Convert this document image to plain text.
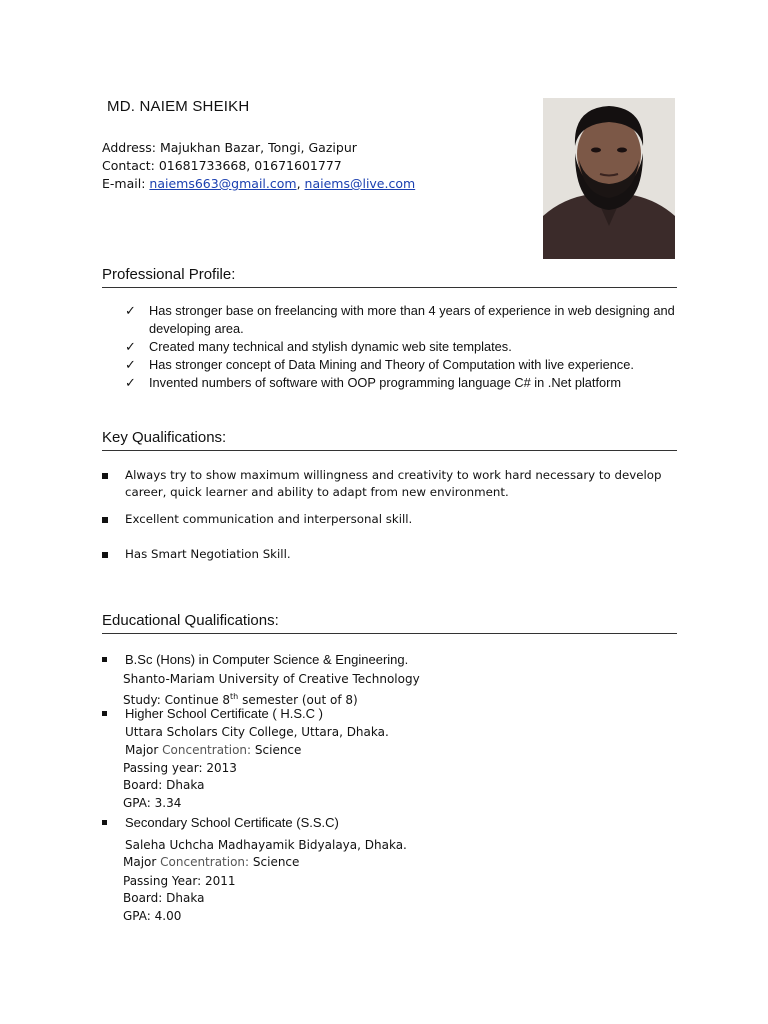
MD. NAIEM SHEIKH
Address: Majukhan Bazar, Tongi, Gazipur
Contact: 01681733668, 01671601777
E-mail: naiems663@gmail.com, naiems@live.com
Professional Profile:
✓	Has stronger base on freelancing with more than 4 years of experience in web designing and developing area.
✓	Created many technical and stylish dynamic web site templates.
✓	Has stronger concept of Data Mining and Theory of Computation with live experience.
✓	Invented numbers of software with OOP programming language C# in .Net platform
Key Qualifications:
Always try to show maximum willingness and creativity to work hard necessary to develop career, quick learner and ability to adapt from new environment.
Excellent communication and interpersonal skill.
Has Smart Negotiation Skill.
Educational Qualifications:
B.Sc (Hons) in Computer Science & Engineering.
Shanto-Mariam University of Creative Technology
Study: Continue 8th semester (out of 8)
Higher School Certificate ( H.S.C )
Uttara Scholars City College, Uttara, Dhaka.
Major Concentration: Science
Passing year: 2013
Board: Dhaka
GPA: 3.34
Secondary School Certificate (S.S.C)
Saleha Uchcha Madhayamik Bidyalaya, Dhaka.
Major Concentration: Science
Passing Year: 2011
Board: Dhaka
GPA: 4.00
